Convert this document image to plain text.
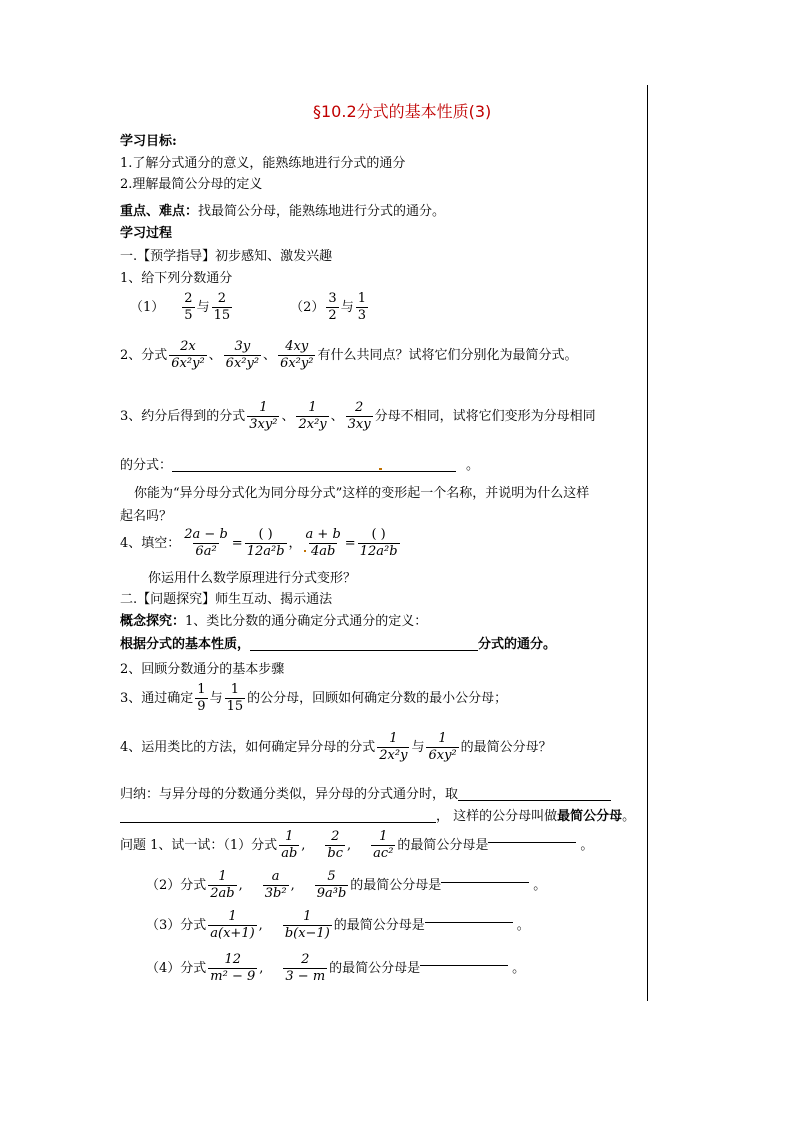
§10.2分式的基本性质(3)
学习目标:
1.了解分式通分的意义，能熟练地进行分式的通分
2.理解最简公分母的定义
重点、难点：找最简公分母，能熟练地进行分式的通分。
学习过程
一.【预学指导】初步感知、激发兴趣
1、给下列分数通分
$(1) \frac{2}{5}$ 与 $\frac{2}{15}$	$(2) \frac{3}{2}$ 与 $\frac{1}{3}$
2、分式 $\frac{2x}{\text{6x²y²}}$ 、 $\frac{3y}{\text{6x²y²}}$ 、 $\frac{4xy}{\text{6x²y²}}$ 有什么共同点？试将它们分别化为最简分式。
3、约分后得到的分式 $\frac{1}{\text{3xy²}}$ 、 $\frac{1}{\text{2x²y}}$ 、 $\frac{2}{3xy}$ 分母不相同，试将它们变形为分母相同
的分式：	。
你能为“异分母分式化为同分母分式”这样的变形起一个名称，并说明为什么这样
起名吗？
4、填空： $\frac{2a - b}{\text{6a²}} = \frac{( )}{\text{12a²b}}$ ， $\frac{a + b}{4ab} = \frac{( )}{\text{12a²b}}$
你运用什么数学原理进行分式变形？
二.【问题探究】师生互动、揭示通法
概念探究：1、类比分数的通分确定分式通分的定义：
根据分式的基本性质，	分式的通分。
2、回顾分数通分的基本步骤
3、通过确定 $\frac{1}{9}$ 与 $\frac{1}{15}$ 的公分母，回顾如何确定分数的最小公分母；
4、运用类比的方法，如何确定异分母的分式 $\frac{1}{\text{2x²y}}$ 与 $\frac{1}{\text{6xy²}}$ 的最简公分母？
归纳：与异分母的分数通分类似，异分母的分式通分时，取
， 这样的公分母叫做 最简公分母 。
问题 1、试一试：（1）分式 $\frac{1}{ab}$ , $\frac{2}{bc}$ , $\frac{1}{\text{ac²}}$ 的最简公分母是	。
（2）分式 $\frac{1}{2ab}$ , $\frac{a}{\text{3b²}}$ , $\frac{5}{\text{9a³b}}$ 的最简公分母是	。
（3）分式 $\frac{1}{a(x+1)}$ , $\frac{1}{b(x-1)}$ 的最简公分母是	。
（4）分式 $\frac{12}{\text{m² − 9}}$ , $\frac{2}{3 - m}$ 的最简公分母是	。
